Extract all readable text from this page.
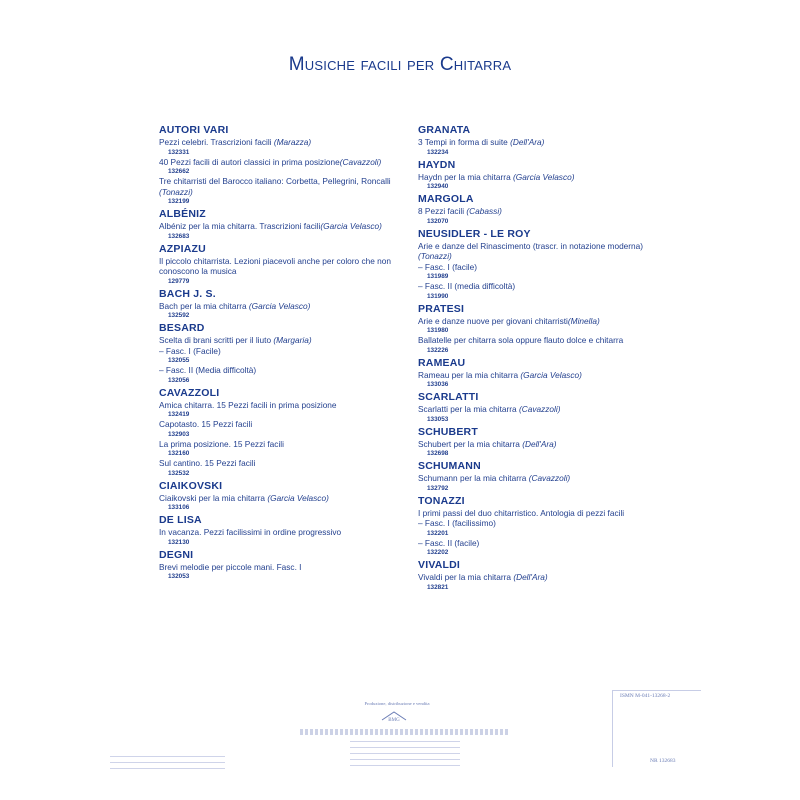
Musiche facili per Chitarra
AUTORI VARI
Pezzi celebri. Trascrizioni facili (Marazza)
132331
40 Pezzi facili di autori classici in prima posizione(Cavazzoli)
132662
Tre chitarristi del Barocco italiano: Corbetta, Pellegrini, Roncalli (Tonazzi)
132199
ALBÉNIZ
Albéniz per la mia chitarra. Trascrizioni facili(Garcia Velasco)
132683
AZPIAZU
Il piccolo chitarrista. Lezioni piacevoli anche per coloro che non conoscono la musica
129779
BACH J. S.
Bach per la mia chitarra (Garcia Velasco)
132592
BESARD
Scelta di brani scritti per il liuto (Margaria)
– Fasc. I (Facile)
132055
– Fasc. II (Media difficoltà)
132056
CAVAZZOLI
Amica chitarra. 15 Pezzi facili in prima posizione
132419
Capotasto. 15 Pezzi facili
132903
La prima posizione. 15 Pezzi facili
132160
Sul cantino. 15 Pezzi facili
132532
CIAIKOVSKI
Ciaikovski per la mia chitarra (Garcia Velasco)
133106
DE LISA
In vacanza. Pezzi facilissimi in ordine progressivo
132130
DEGNI
Brevi melodie per piccole mani. Fasc. I
132053
GRANATA
3 Tempi in forma di suite (Dell'Ara)
132234
HAYDN
Haydn per la mia chitarra (Garcia Velasco)
132940
MARGOLA
8 Pezzi facili (Cabassi)
132070
NEUSIDLER - LE ROY
Arie e danze del Rinascimento (trascr. in notazione moderna) (Tonazzi)
– Fasc. I (facile)
131989
– Fasc. II (media difficoltà)
131990
PRATESI
Arie e danze nuove per giovani chitarristi(Minella)
131980
Ballatelle per chitarra sola oppure flauto dolce e chitarra
132226
RAMEAU
Rameau per la mia chitarra (Garcia Velasco)
133036
SCARLATTI
Scarlatti per la mia chitarra (Cavazzoli)
133053
SCHUBERT
Schubert per la mia chitarra (Dell'Ara)
132698
SCHUMANN
Schumann per la mia chitarra (Cavazzoli)
132792
TONAZZI
I primi passi del duo chitarristico. Antologia di pezzi facili
– Fasc. I (facilissimo)
132201
– Fasc. II (facile)
132202
VIVALDI
Vivaldi per la mia chitarra (Dell'Ara)
132821
Produzione, distribuzione e vendita
BMG
ISMN M-041-13268-2
NR 132683
